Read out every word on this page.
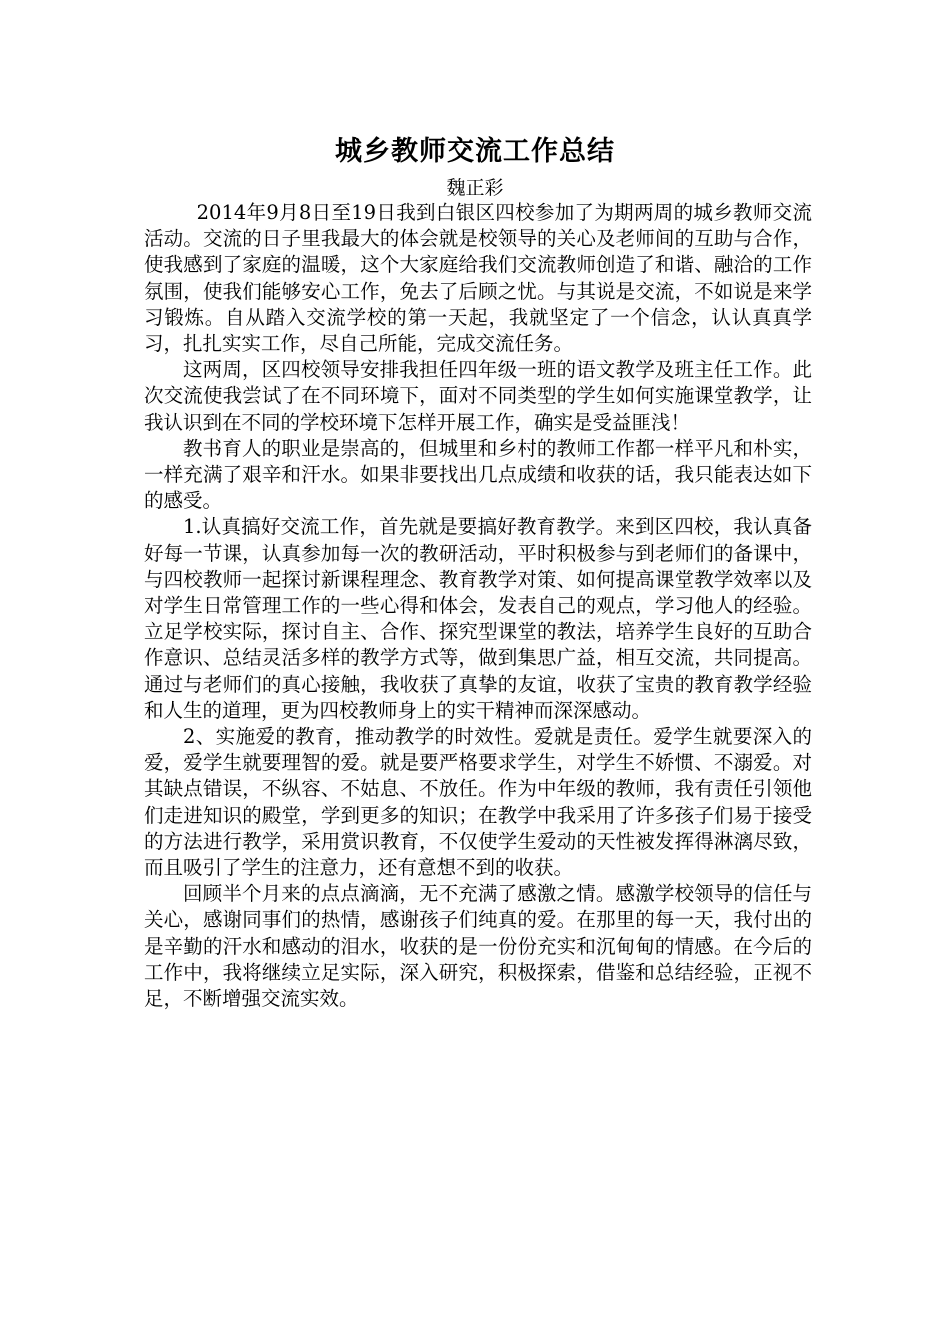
城乡教师交流工作总结
魏正彩

2014年9月8日至19日我到白银区四校参加了为期两周的城乡教师交流活动。交流的日子里我最大的体会就是校领导的关心及老师间的互助与合作，使我感到了家庭的温暖，这个大家庭给我们交流教师创造了和谐、融洽的工作氛围，使我们能够安心工作，免去了后顾之忧。与其说是交流，不如说是来学习锻炼。自从踏入交流学校的第一天起，我就坚定了一个信念，认认真真学习，扎扎实实工作，尽自己所能，完成交流任务。

这两周，区四校领导安排我担任四年级一班的语文教学及班主任工作。此次交流使我尝试了在不同环境下，面对不同类型的学生如何实施课堂教学，让我认识到在不同的学校环境下怎样开展工作，确实是受益匪浅！

教书育人的职业是崇高的，但城里和乡村的教师工作都一样平凡和朴实，一样充满了艰辛和汗水。如果非要找出几点成绩和收获的话，我只能表达如下的感受。

1.认真搞好交流工作，首先就是要搞好教育教学。来到区四校，我认真备好每一节课，认真参加每一次的教研活动，平时积极参与到老师们的备课中，与四校教师一起探讨新课程理念、教育教学对策、如何提高课堂教学效率以及对学生日常管理工作的一些心得和体会，发表自己的观点，学习他人的经验。立足学校实际，探讨自主、合作、探究型课堂的教法，培养学生良好的互助合作意识、总结灵活多样的教学方式等，做到集思广益，相互交流，共同提高。通过与老师们的真心接触，我收获了真挚的友谊，收获了宝贵的教育教学经验和人生的道理，更为四校教师身上的实干精神而深深感动。

2、实施爱的教育，推动教学的时效性。爱就是责任。爱学生就要深入的爱，爱学生就要理智的爱。就是要严格要求学生，对学生不娇惯、不溺爱。对其缺点错误，不纵容、不姑息、不放任。作为中年级的教师，我有责任引领他们走进知识的殿堂，学到更多的知识；在教学中我采用了许多孩子们易于接受的方法进行教学，采用赏识教育，不仅使学生爱动的天性被发挥得淋漓尽致，而且吸引了学生的注意力，还有意想不到的收获。

回顾半个月来的点点滴滴，无不充满了感激之情。感激学校领导的信任与关心，感谢同事们的热情，感谢孩子们纯真的爱。在那里的每一天，我付出的是辛勤的汗水和感动的泪水，收获的是一份份充实和沉甸甸的情感。在今后的工作中，我将继续立足实际，深入研究，积极探索，借鉴和总结经验，正视不足，不断增强交流实效。
